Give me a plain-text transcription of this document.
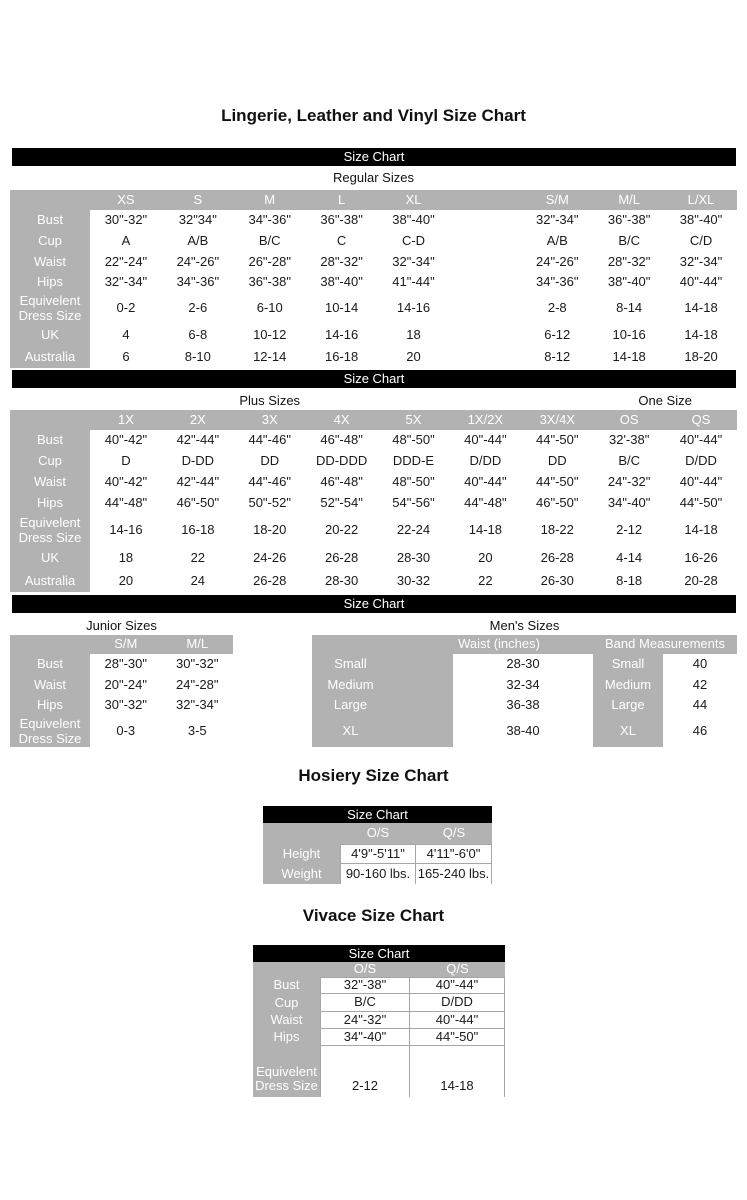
Lingerie, Leather and Vinyl Size Chart
Size Chart
Regular Sizes
XS	S	M	L	XL	S/M	M/L	L/XL
Bust	30"-32" 32"34" 34"-36" 36"-38" 38"-40"	32"-34" 36"-38" 38"-40"
Cup	A	A/B	B/C	C	C-D	A/B	B/C	C/D
Waist	22"-24" 24"-26" 26"-28" 28"-32" 32"-34"	24"-26" 28"-32" 32"-34"
Hips	32"-34" 34"-36" 36"-38" 38"-40" 41"-44"	34"-36" 38"-40" 40"-44"
Equivelent Dress Size	0-2	2-6	6-10	10-14	14-16	2-8	8-14	14-18
UK	4	6-8	10-12	14-16	18	6-12	10-16	14-18
Australia	6	8-10	12-14	16-18	20	8-12	14-18	18-20
Size Chart
Plus Sizes	One Size
1X	2X	3X	4X	5X	1X/2X	3X/4X	OS	QS
Bust	40"-42" 42"-44" 44"-46" 46"-48" 48"-50" 40"-44" 44"-50" 32'-38" 40"-44"
Cup	D	D-DD	DD	DD-DDD DDD-E	D/DD	DD	B/C	D/DD
Waist	40"-42" 42"-44" 44"-46" 46"-48" 48"-50" 40"-44" 44"-50" 24"-32" 40"-44"
Hips	44"-48" 46"-50" 50"-52" 52"-54" 54"-56" 44"-48" 46"-50" 34"-40" 44"-50"
Equivelent Dress Size	14-16	16-18	18-20	20-22	22-24	14-18	18-22	2-12	14-18
UK	18	22	24-26	26-28	28-30	20	26-28	4-14	16-26
Australia	20	24	26-28	28-30	30-32	22	26-30	8-18	20-28
Size Chart
Junior Sizes	Men's Sizes
S/M	M/L
Bust	28"-30" 30"-32"
Waist	20"-24" 24"-28"
Hips	30"-32" 32"-34"
Equivelent Dress Size	0-3	3-5
Waist (inches)	Band Measurements
Small	28-30	Small	40
Medium	32-34	Medium	42
Large	36-38	Large	44
XL	38-40	XL	46
Hosiery Size Chart
Size Chart
O/S	Q/S
Height 4'9"-5'11" 4'11"-6'0"
Weight 90-160 lbs. 165-240 lbs.
Vivace Size Chart
Size Chart
O/S	Q/S
Bust	32"-38"	40"-44"
Cup	B/C	D/DD
Waist	24"-32"	40"-44"
Hips	34"-40"	44"-50"
Equivelent Dress Size	2-12	14-18
